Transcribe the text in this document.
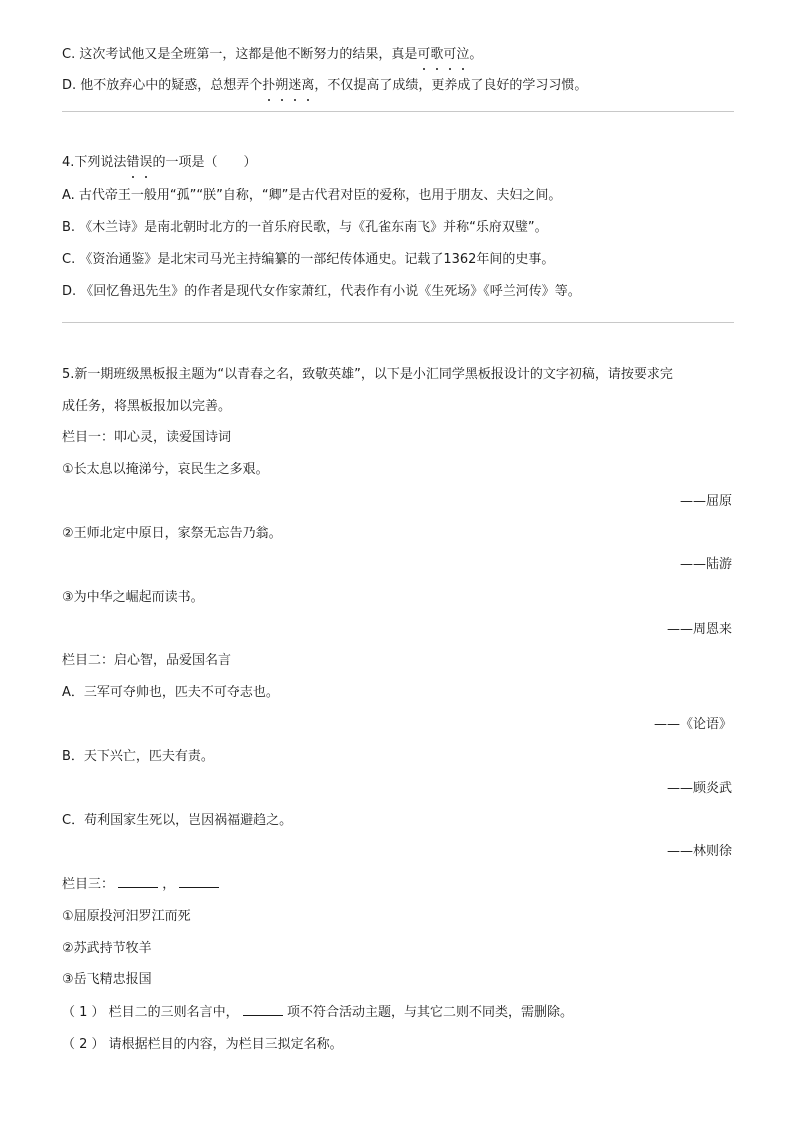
C. 这次考试他又是全班第一，这都是他不断努力的结果，真是可歌可泣。
D. 他不放弃心中的疑惑，总想弄个扑朔迷离，不仅提高了成绩，更养成了良好的学习习惯。
4.下列说法错误的一项是（　　）
A. 古代帝王一般用“孤”“朕”自称，“卿”是古代君对臣的爱称，也用于朋友、夫妇之间。
B. 《木兰诗》是南北朝时北方的一首乐府民歌，与《孔雀东南飞》并称“乐府双璧”。
C. 《资治通鉴》是北宋司马光主持编纂的一部纪传体通史。记载了1362年间的史事。
D. 《回忆鲁迅先生》的作者是现代女作家萧红，代表作有小说《生死场》《呼兰河传》等。
5.新一期班级黑板报主题为“以青春之名，致敬英雄”，以下是小汇同学黑板报设计的文字初稿，请按要求完
成任务，将黑板报加以完善。
栏目一：叩心灵，读爱国诗词
①长太息以掩涕兮，哀民生之多艰。
——屈原
②王师北定中原日，家祭无忘告乃翁。
——陆游
③为中华之崛起而读书。
——周恩来
栏目二：启心智，品爱国名言
A．三军可夺帅也，匹夫不可夺志也。
——《论语》
B．天下兴亡，匹夫有责。
——顾炎武
C．苟利国家生死以，岂因祸福避趋之。
——林则徐
栏目三：	，
①屈原投河汨罗江而死
②苏武持节牧羊
③岳飞精忠报国
（ 1 ） 栏目二的三则名言中，	项不符合活动主题，与其它二则不同类，需删除。
（ 2 ） 请根据栏目的内容，为栏目三拟定名称。
